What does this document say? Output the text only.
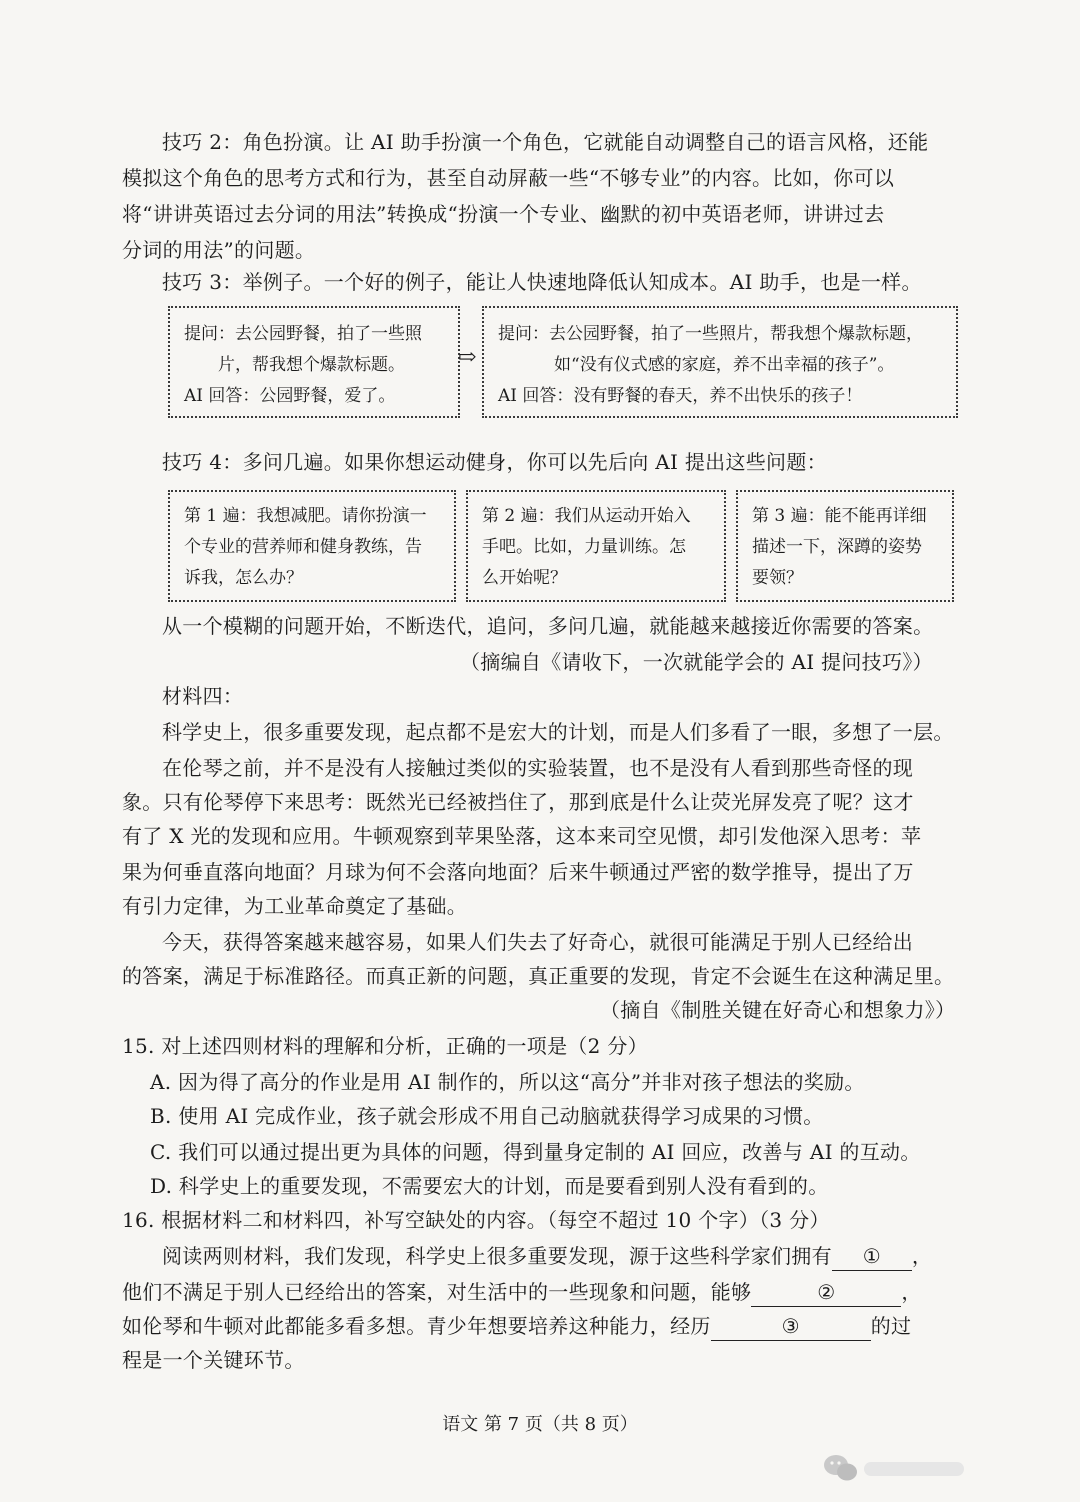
技巧 2：角色扮演。让 AI 助手扮演一个角色，它就能自动调整自己的语言风格，还能
模拟这个角色的思考方式和行为，甚至自动屏蔽一些“不够专业”的内容。比如，你可以
将“讲讲英语过去分词的用法”转换成“扮演一个专业、幽默的初中英语老师，讲讲过去
分词的用法”的问题。
技巧 3：举例子。一个好的例子，能让人快速地降低认知成本。AI 助手，也是一样。
提问：去公园野餐，拍了一些照
片，帮我想个爆款标题。
AI 回答：公园野餐，爱了。
⇨
提问：去公园野餐，拍了一些照片，帮我想个爆款标题，
如“没有仪式感的家庭，养不出幸福的孩子”。
AI 回答：没有野餐的春天，养不出快乐的孩子！
技巧 4：多问几遍。如果你想运动健身，你可以先后向 AI 提出这些问题：
第 1 遍：我想减肥。请你扮演一
个专业的营养师和健身教练，告
诉我，怎么办？
第 2 遍：我们从运动开始入
手吧。比如，力量训练。怎
么开始呢？
第 3 遍：能不能再详细
描述一下，深蹲的姿势
要领？
从一个模糊的问题开始，不断迭代，追问，多问几遍，就能越来越接近你需要的答案。
（摘编自《请收下，一次就能学会的 AI 提问技巧》）
材料四：
科学史上，很多重要发现，起点都不是宏大的计划，而是人们多看了一眼，多想了一层。
在伦琴之前，并不是没有人接触过类似的实验装置，也不是没有人看到那些奇怪的现
象。只有伦琴停下来思考：既然光已经被挡住了，那到底是什么让荧光屏发亮了呢？这才
有了 X 光的发现和应用。牛顿观察到苹果坠落，这本来司空见惯，却引发他深入思考：苹
果为何垂直落向地面？月球为何不会落向地面？后来牛顿通过严密的数学推导，提出了万
有引力定律，为工业革命奠定了基础。
今天，获得答案越来越容易，如果人们失去了好奇心，就很可能满足于别人已经给出
的答案，满足于标准路径。而真正新的问题，真正重要的发现，肯定不会诞生在这种满足里。
（摘自《制胜关键在好奇心和想象力》）
15. 对上述四则材料的理解和分析，正确的一项是（2 分）
A. 因为得了高分的作业是用 AI 制作的，所以这“高分”并非对孩子想法的奖励。
B. 使用 AI 完成作业，孩子就会形成不用自己动脑就获得学习成果的习惯。
C. 我们可以通过提出更为具体的问题，得到量身定制的 AI 回应，改善与 AI 的互动。
D. 科学史上的重要发现，不需要宏大的计划，而是要看到别人没有看到的。
16. 根据材料二和材料四，补写空缺处的内容。（每空不超过 10 个字）（3 分）
阅读两则材料，我们发现，科学史上很多重要发现，源于这些科学家们拥有 ① ，
他们不满足于别人已经给出的答案，对生活中的一些现象和问题，能够	②	，
如伦琴和牛顿对此都能多看多想。青少年想要培养这种能力，经历	③	的过
程是一个关键环节。
语文 第 7 页（共 8 页）
